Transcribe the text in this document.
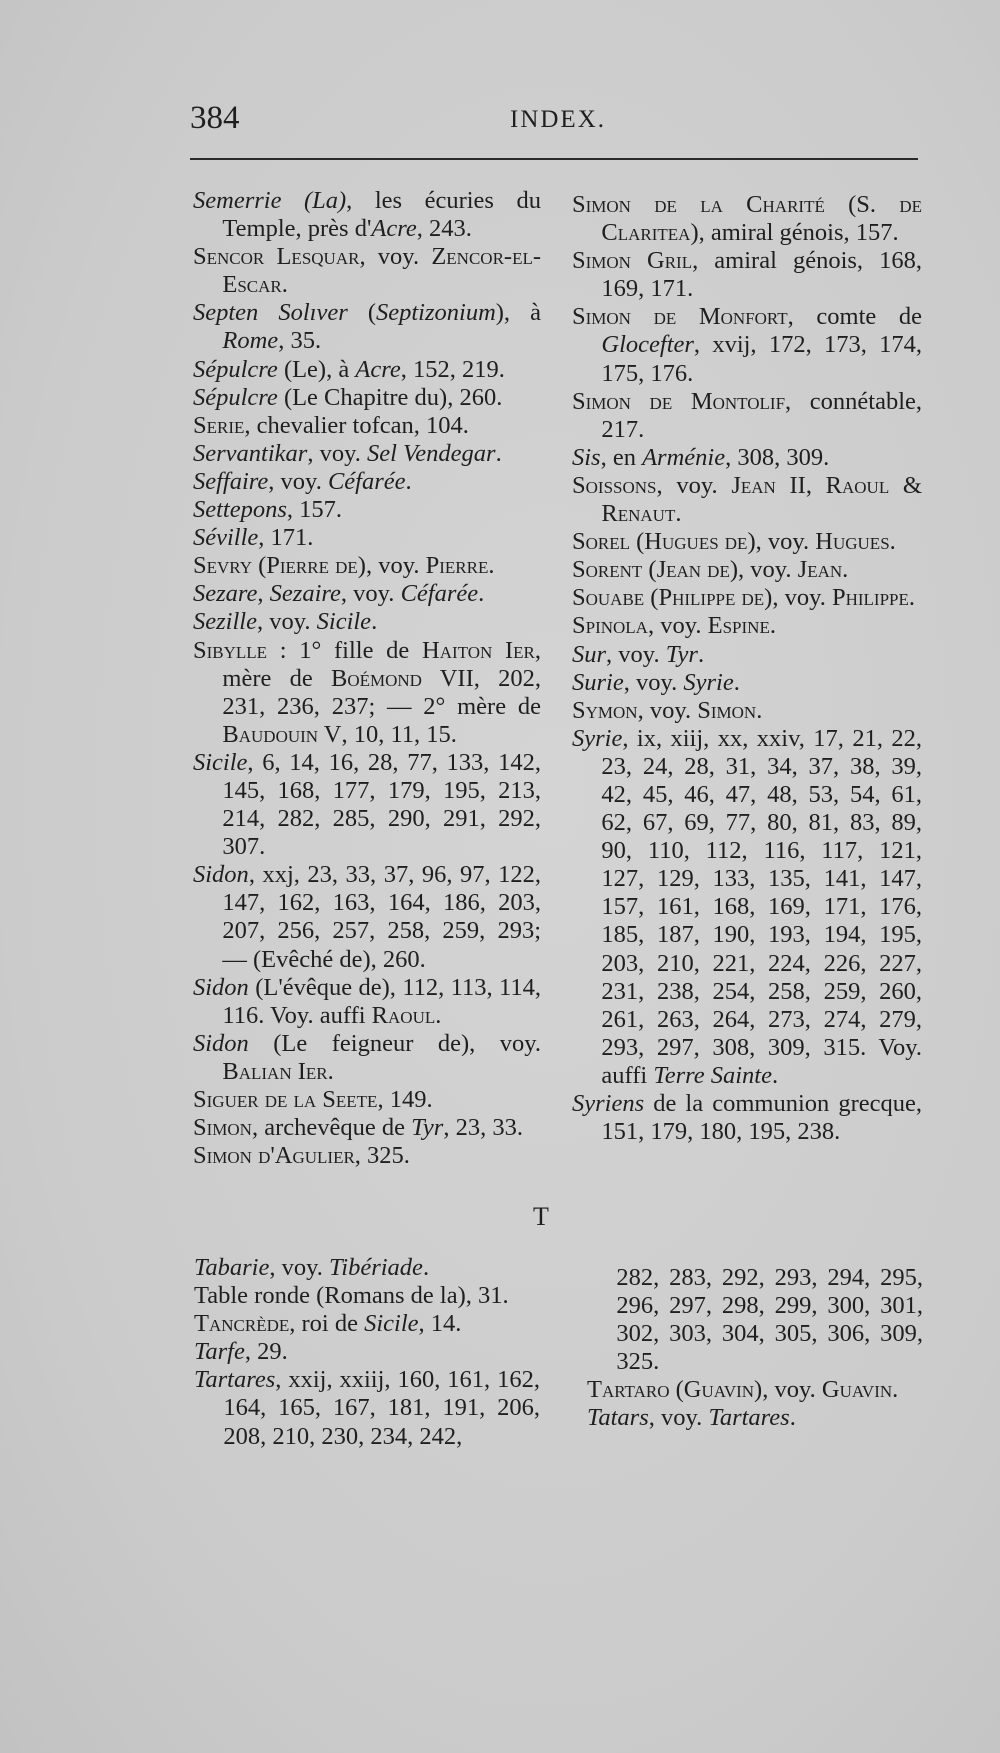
384	INDEX.

Semerrie (La), les écuries du Temple, près d'Acre, 243.

Sencor Lesquar, voy. Zencor-el-Escar.

Septen Solıver (Septizonium), à Rome, 35.

Sépulcre (Le), à Acre, 152, 219.

Sépulcre (Le Chapitre du), 260.

Serie, chevalier tofcan, 104.

Servantikar, voy. Sel Vendegar.

Seffaire, voy. Céfarée.

Settepons, 157.

Séville, 171.

Sevry (Pierre de), voy. Pierre.

Sezare, Sezaire, voy. Céfarée.

Sezille, voy. Sicile.

Sibylle : 1° fille de Haiton Ier, mère de Boémond VII, 202, 231, 236, 237; — 2° mère de Baudouin V, 10, 11, 15.

Sicile, 6, 14, 16, 28, 77, 133, 142, 145, 168, 177, 179, 195, 213, 214, 282, 285, 290, 291, 292, 307.

Sidon, xxj, 23, 33, 37, 96, 97, 122, 147, 162, 163, 164, 186, 203, 207, 256, 257, 258, 259, 293; — (Evêché de), 260.

Sidon (L'évêque de), 112, 113, 114, 116. Voy. auffi Raoul.

Sidon (Le feigneur de), voy. Balian Ier.

Siguer de la Seete, 149.

Simon, archevêque de Tyr, 23, 33.

Simon d'Agulier, 325.

Simon de la Charité (S. de Claritea), amiral génois, 157.

Simon Gril, amiral génois, 168, 169, 171.

Simon de Monfort, comte de Glocefter, xvij, 172, 173, 174, 175, 176.

Simon de Montolif, connétable, 217.

Sis, en Arménie, 308, 309.

Soissons, voy. Jean II, Raoul & Renaut.

Sorel (Hugues de), voy. Hugues.

Sorent (Jean de), voy. Jean.

Souabe (Philippe de), voy. Philippe.

Spinola, voy. Espine.

Sur, voy. Tyr.

Surie, voy. Syrie.

Symon, voy. Simon.

Syrie, ix, xiij, xx, xxiv, 17, 21, 22, 23, 24, 28, 31, 34, 37, 38, 39, 42, 45, 46, 47, 48, 53, 54, 61, 62, 67, 69, 77, 80, 81, 83, 89, 90, 110, 112, 116, 117, 121, 127, 129, 133, 135, 141, 147, 157, 161, 168, 169, 171, 176, 185, 187, 190, 193, 194, 195, 203, 210, 221, 224, 226, 227, 231, 238, 254, 258, 259, 260, 261, 263, 264, 273, 274, 279, 293, 297, 308, 309, 315. Voy. auffi Terre Sainte.

Syriens de la communion grecque, 151, 179, 180, 195, 238.

T

Tabarie, voy. Tibériade.

Table ronde (Romans de la), 31.

Tancrède, roi de Sicile, 14.

Tarfe, 29.

Tartares, xxij, xxiij, 160, 161, 162, 164, 165, 167, 181, 191, 206, 208, 210, 230, 234, 242,

282, 283, 292, 293, 294, 295, 296, 297, 298, 299, 300, 301, 302, 303, 304, 305, 306, 309, 325.

Tartaro (Guavin), voy. Guavin.

Tatars, voy. Tartares.
